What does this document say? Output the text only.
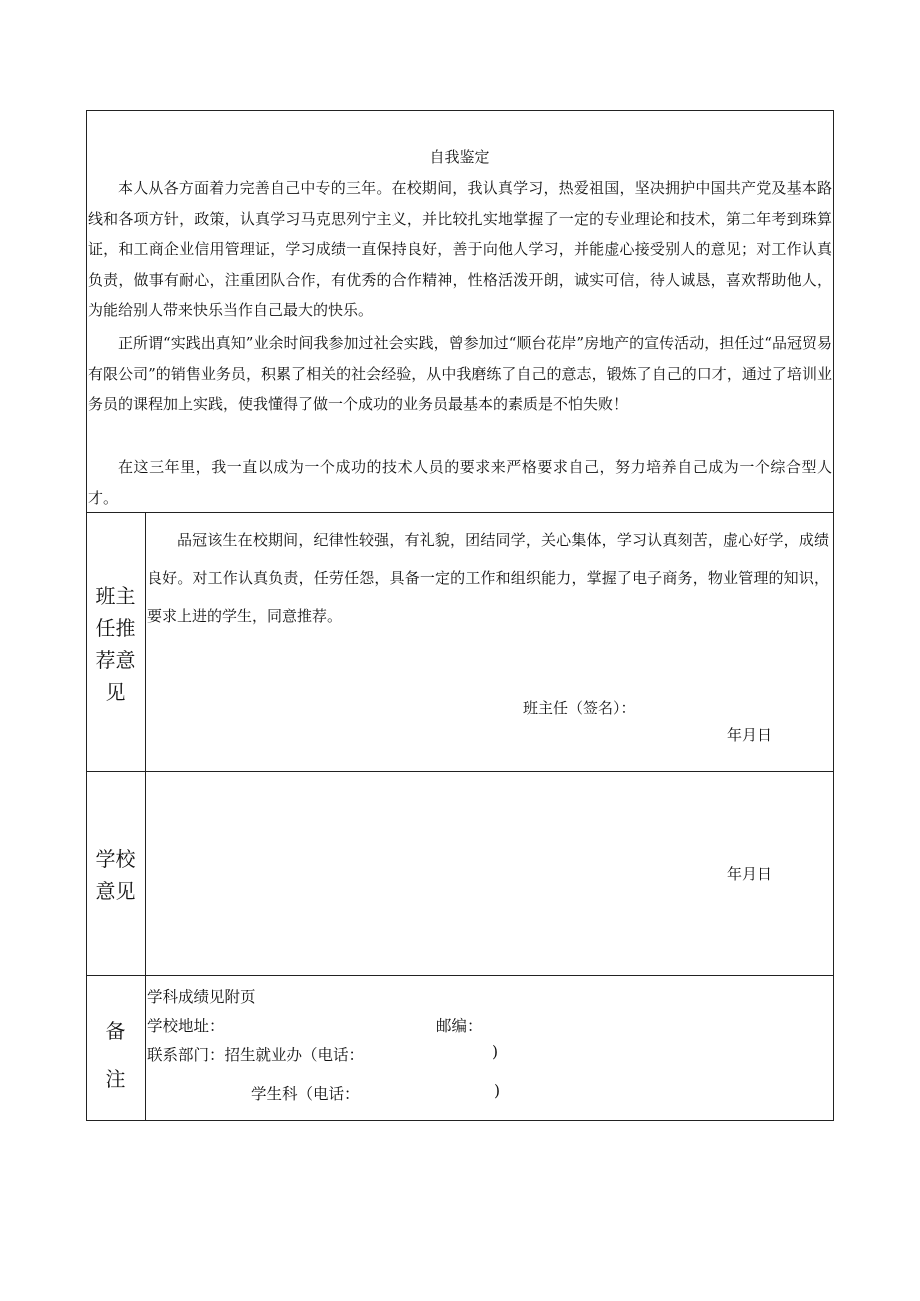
自我鉴定

本人从各方面着力完善自己中专的三年。在校期间，我认真学习，热爱祖国，坚决拥护中国共产党及基本路线和各项方针，政策，认真学习马克思列宁主义，并比较扎实地掌握了一定的专业理论和技术，第二年考到珠算证，和工商企业信用管理证，学习成绩一直保持良好，善于向他人学习，并能虚心接受别人的意见；对工作认真负责，做事有耐心，注重团队合作，有优秀的合作精神，性格活泼开朗，诚实可信，待人诚恳，喜欢帮助他人，为能给别人带来快乐当作自己最大的快乐。

正所谓“实践出真知”业余时间我参加过社会实践，曾参加过“顺台花岸”房地产的宣传活动，担任过“品冠贸易有限公司”的销售业务员，积累了相关的社会经验，从中我磨练了自己的意志，锻炼了自己的口才，通过了培训业务员的课程加上实践，使我懂得了做一个成功的业务员最基本的素质是不怕失败！

在这三年里，我一直以成为一个成功的技术人员的要求来严格要求自己，努力培养自己成为一个综合型人才。

班主
任推
荐意
见

品冠该生在校期间，纪律性较强，有礼貌，团结同学，关心集体，学习认真刻苦，虚心好学，成绩良好。对工作认真负责，任劳任怨，具备一定的工作和组织能力，掌握了电子商务，物业管理的知识，要求上进的学生，同意推荐。

班主任（签名）：
年月日
学校
意见
年月日
备
注
学科成绩见附页
学校地址：	邮编：
联系部门：招生就业办（电话：	)
学生科（电话：	)
